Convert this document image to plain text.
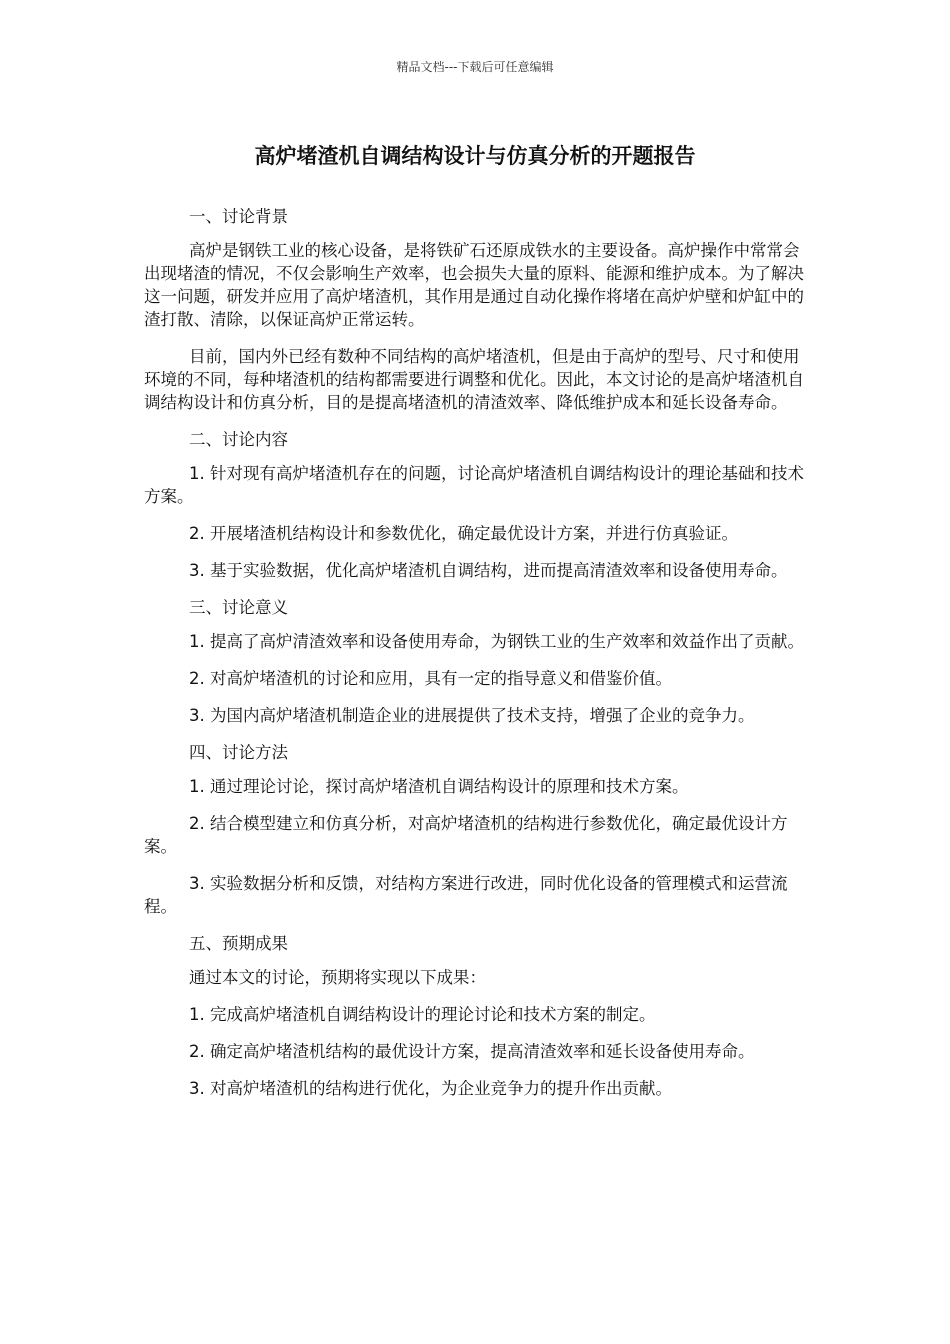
精品文档---下载后可任意编辑
高炉堵渣机自调结构设计与仿真分析的开题报告

一、讨论背景

高炉是钢铁工业的核心设备，是将铁矿石还原成铁水的主要设备。高炉操作中常常会出现堵渣的情况，不仅会影响生产效率，也会损失大量的原料、能源和维护成本。为了解决这一问题，研发并应用了高炉堵渣机，其作用是通过自动化操作将堵在高炉炉壁和炉缸中的渣打散、清除，以保证高炉正常运转。

目前，国内外已经有数种不同结构的高炉堵渣机，但是由于高炉的型号、尺寸和使用环境的不同，每种堵渣机的结构都需要进行调整和优化。因此，本文讨论的是高炉堵渣机自调结构设计和仿真分析，目的是提高堵渣机的清渣效率、降低维护成本和延长设备寿命。

二、讨论内容

1. 针对现有高炉堵渣机存在的问题，讨论高炉堵渣机自调结构设计的理论基础和技术方案。

2. 开展堵渣机结构设计和参数优化，确定最优设计方案，并进行仿真验证。

3. 基于实验数据，优化高炉堵渣机自调结构，进而提高清渣效率和设备使用寿命。

三、讨论意义

1. 提高了高炉清渣效率和设备使用寿命，为钢铁工业的生产效率和效益作出了贡献。

2. 对高炉堵渣机的讨论和应用，具有一定的指导意义和借鉴价值。

3. 为国内高炉堵渣机制造企业的进展提供了技术支持，增强了企业的竞争力。

四、讨论方法

1. 通过理论讨论，探讨高炉堵渣机自调结构设计的原理和技术方案。

2. 结合模型建立和仿真分析，对高炉堵渣机的结构进行参数优化，确定最优设计方案。

3. 实验数据分析和反馈，对结构方案进行改进，同时优化设备的管理模式和运营流程。

五、预期成果

通过本文的讨论，预期将实现以下成果：

1. 完成高炉堵渣机自调结构设计的理论讨论和技术方案的制定。

2. 确定高炉堵渣机结构的最优设计方案，提高清渣效率和延长设备使用寿命。

3. 对高炉堵渣机的结构进行优化，为企业竞争力的提升作出贡献。
